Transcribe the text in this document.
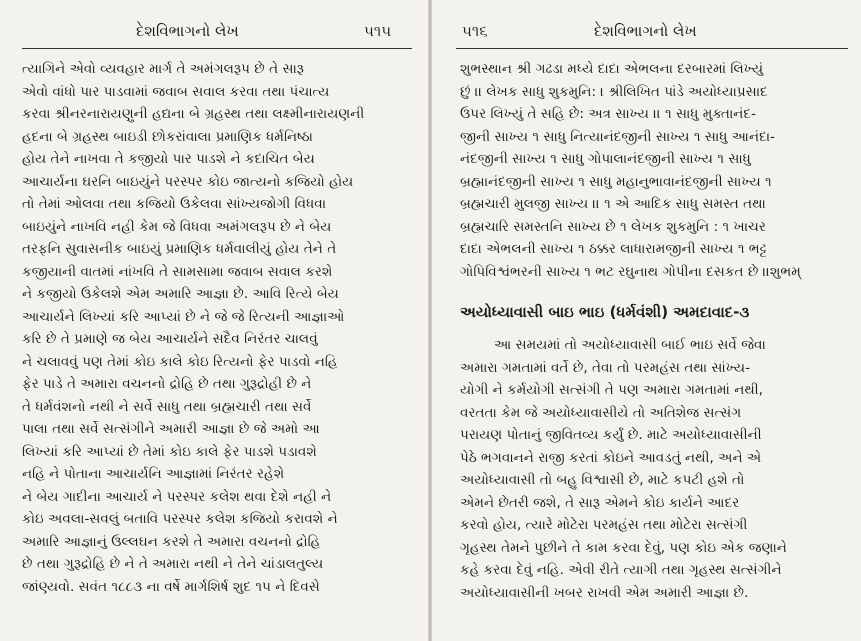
દેશવિભાગનો લેખ	૫૧૫
ત્યાગિને એવો વ્યવહાર માર્ગ તે અમંગલરૂપ છે તે સારૂ
એવો વાંધો પાર પાડવામાં જવાબ સવાલ કરવા તથા પંચાત્ય
કરવા શ્રીનરનારાયણુની હદ્યના બે ગ્રહસ્થ તથા લક્ષ્મીનારાયણની
હદના બે ગ્રહસ્થ બાઇડી છોકરાંવાલા પ્રમાણિક ધર્મનિષ્ઠા
હોય તેને નાખવા તે કજીયો પાર પાડશે ને કદાચિત બેય
આચાર્યના ઘરનિ બાઇયુંને પરસ્પર કોઇ જાત્યનો કજિયો હોય
તો તેમાં ઓલવા તથા કજિયો ઉકેલવા સાંખ્યજોગી વિધવા
બાઇયુંને નાખવિ નહી કેમ જે વિધવા અમંગલરૂપ છે ને બેય
તરફનિ સુવાસનીક બાઇયું પ્રમાણિક ધર્મવાલીયું હોય તેને તે
કજીયાની વાતમાં નાંખવિ તે સામસામા જવાબ સવાલ કરશે
ને કજીયો ઉકેલશે એમ અમારિ આજ્ઞા છે. આવિ રિત્યે બેય
આચાર્યને લિખ્યાં કરિ આપ્યાં છે ને જે જે રિત્યની આજ્ઞાઓ
કરિ છે તે પ્રમાણે જ બેય આચાર્યને સદૈવ નિરંતર ચાલવું
ને ચલાવવું પણ તેમાં કોઇ કાલે કોઇ રિત્યનો ફેર પાડવો નહિ
ફેર પાડે તે અમારા વચનનો દ્રોહિ છે તથા ગુરૂદ્રોહી છે ને
તે ધર્મવંશનો નથી ને સર્વે સાધુ તથા બ્રહ્મચારી તથા સર્વે
પાલા તથા સર્વે સત્સંગીને અમારી આજ્ઞા છે જે અમો આ
લિખ્યાં કરિ આપ્યાં છે તેમાં કોઇ કાલે ફેર પાડશે પડાવશે
નહિ ને પોતાના આચાર્યનિ આજ્ઞામાં નિરંતર રહેશે
ને બેય ગાદીના આચાર્ય ને પરસ્પર કલેશ થવા દેશે નહી ને
કોઇ અવલા-સવલું બતાવિ પરસ્પર કલેશ કજિયો કરાવશે ને
અમારિ આજ્ઞાનું ઉલ્લઘન કરશે તે અમારા વચનનો દ્રોહિ
છે તથા ગુરૂદ્રોહિ છે ને તે અમારા નથી ને તેને ચાંડાલતુલ્ય
જાંણ્યવો. સવંત ૧૮૮૩ ના વર્ષે માર્ગશિર્ષ શુદ ૧૫ ને દિવસે
૫૧૬	દેશવિભાગનો લેખ
શુભસ્થાન શ્રી ગઢડા મધ્યે દાદા એભલના દરબારમાં લિખ્યું
છું ।। લેખક સાધુ શુકમુનિ: । શ્રીલિખિત પાંડે અયોધ્યાપ્રસાદ
ઉપર લિખ્યું તે સહિ છે: અત્ર સાખ્ય ।। ૧ સાધુ મુક્તાનંદ-
જીની સાખ્ય ૧ સાધુ નિત્યાનંદજીની સાખ્ય ૧ સાધુ આનંદા-
નંદજીની સાખ્ય ૧ સાધુ ગોપાલાનંદજીની સાખ્ય ૧ સાધુ
બ્રહ્માનંદજીની સાખ્ય ૧ સાધુ મહાનુભાવાનંદજીની સાખ્ય ૧
બ્રહ્મચારી મુલજી સાખ્ય ।। ૧ એ આદિક સાધુ સમસ્ત તથા
બ્રહ્મચારિ સમસ્તનિ સાખ્ય છે ૧ લેખક શુકમુનિ : ૧ ખાચર
દાદા એભલની સાખ્ય ૧ ઠક્કર લાધારામજીની સાખ્ય ૧ ભટ્ટ
ગોપિવિશ્વંભરની સાખ્ય ૧ ભટ રઘુનાથ ગોપીના દસકત છે ।।શુભમ્
અયોધ્યાવાસી બાઇ ભાઇ (ધર્મવંશી) અમદાવાદ-૩
આ સમયમાં તો અયોધ્યાવાસી બાઈ ભાઇ સર્વે જેવા
અમારા ગમતામાં વર્તે છે, તેવા તો પરમહંસ તથા સાંખ્ય-
યોગી ને કર્મયોગી સત્સંગી તે પણ અમારા ગમતામાં નથી,
વરતતા કેમ જે અયોધ્યાવાસીયે તો અતિશેજ સત્સંગ
પરાયણ પોતાનું જીવિતવ્ય કર્યું છે. માટે અયોધ્યાવાસીની
પેઠે ભગવાનને રાજી કરતાં કોઇને આવડતું નથી, અને એ
અયોધ્યાવાસી તો બહુ વિશ્વાસી છે, માટે કપટી હશે તો
એમને છેતરી જશે, તે સારૂ એમને કોઇ કાર્યને આદર
કરવો હોય, ત્યારે મોટેરા પરમહંસ તથા મોટેરા સત્સંગી
ગૃહસ્થ તેમને પુછીને તે કામ કરવા દેવું, પણ કોઇ એક જણાને
કહે કરવા દેવું નહિ. એવી રીતે ત્યાગી તથા ગૃહસ્થ સત્સંગીને
અયોધ્યાવાસીની ખબર રાખવી એમ અમારી આજ્ઞા છે.
